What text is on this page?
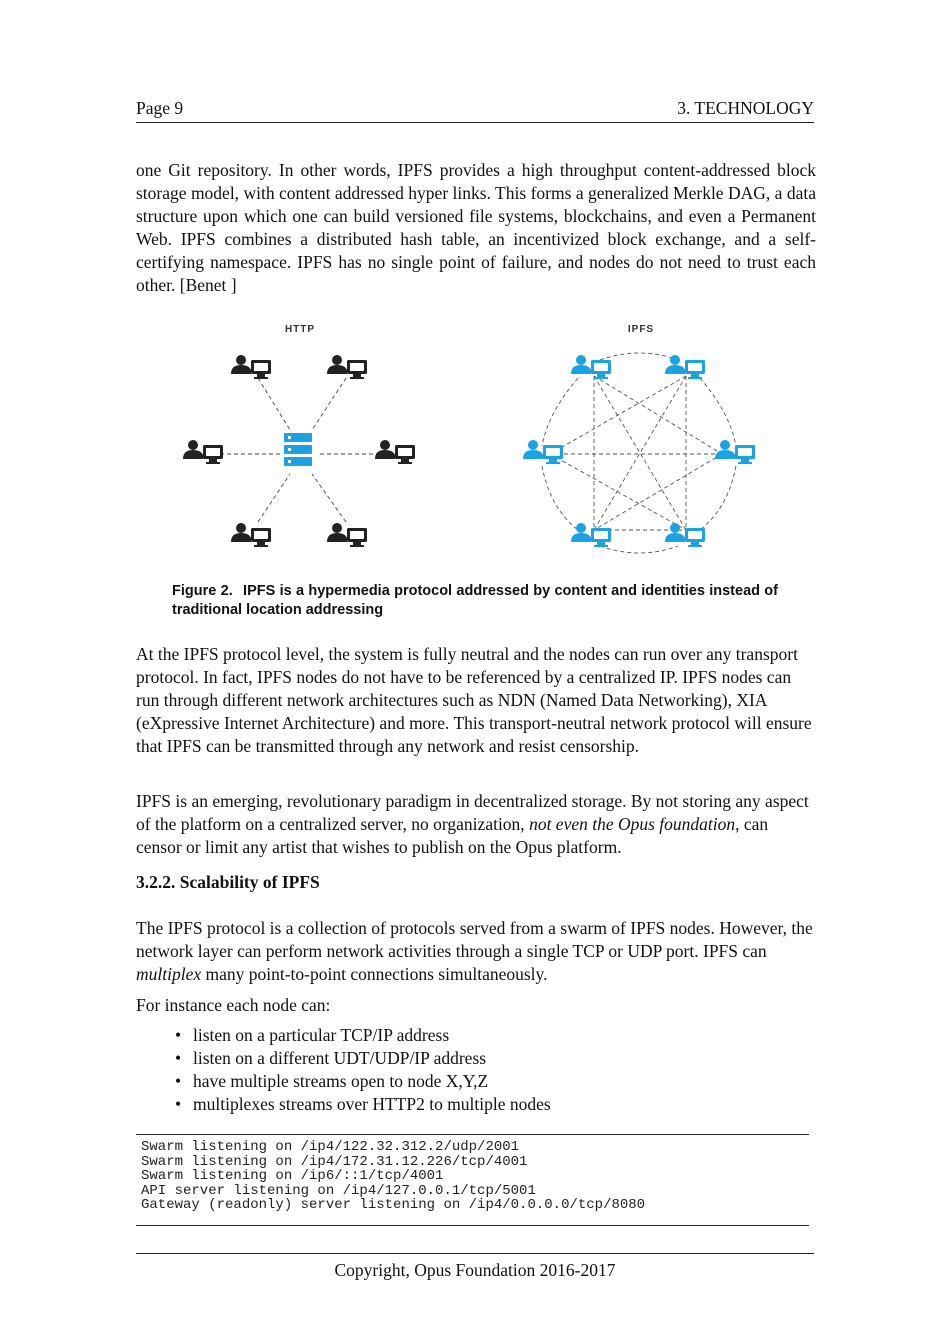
Page 9	3. TECHNOLOGY

one Git repository. In other words, IPFS provides a high throughput content-addressed block storage model, with content addressed hyper links. This forms a generalized Merkle DAG, a data structure upon which one can build versioned file systems, blockchains, and even a Permanent Web. IPFS combines a distributed hash table, an incentivized block exchange, and a self-certifying namespace. IPFS has no single point of failure, and nodes do not need to trust each other. [Benet ]

HTTP	IPFS

Figure 2. IPFS is a hypermedia protocol addressed by content and identities instead of traditional location addressing

At the IPFS protocol level, the system is fully neutral and the nodes can run over any transport protocol. In fact, IPFS nodes do not have to be referenced by a centralized IP. IPFS nodes can run through different network architectures such as NDN (Named Data Networking), XIA (eXpressive Internet Architecture) and more. This transport-neutral network protocol will ensure that IPFS can be transmitted through any network and resist censorship.

IPFS is an emerging, revolutionary paradigm in decentralized storage. By not storing any aspect of the platform on a centralized server, no organization, not even the Opus foundation, can censor or limit any artist that wishes to publish on the Opus platform.

3.2.2. Scalability of IPFS

The IPFS protocol is a collection of protocols served from a swarm of IPFS nodes. However, the network layer can perform network activities through a single TCP or UDP port. IPFS can multiplex many point-to-point connections simultaneously.

For instance each node can:

• listen on a particular TCP/IP address
• listen on a different UDT/UDP/IP address
• have multiple streams open to node X,Y,Z
• multiplexes streams over HTTP2 to multiple nodes
Swarm listening on /ip4/122.32.312.2/udp/2001
Swarm listening on /ip4/172.31.12.226/tcp/4001
Swarm listening on /ip6/::1/tcp/4001
API server listening on /ip4/127.0.0.1/tcp/5001
Gateway (readonly) server listening on /ip4/0.0.0.0/tcp/8080
Copyright, Opus Foundation 2016-2017
